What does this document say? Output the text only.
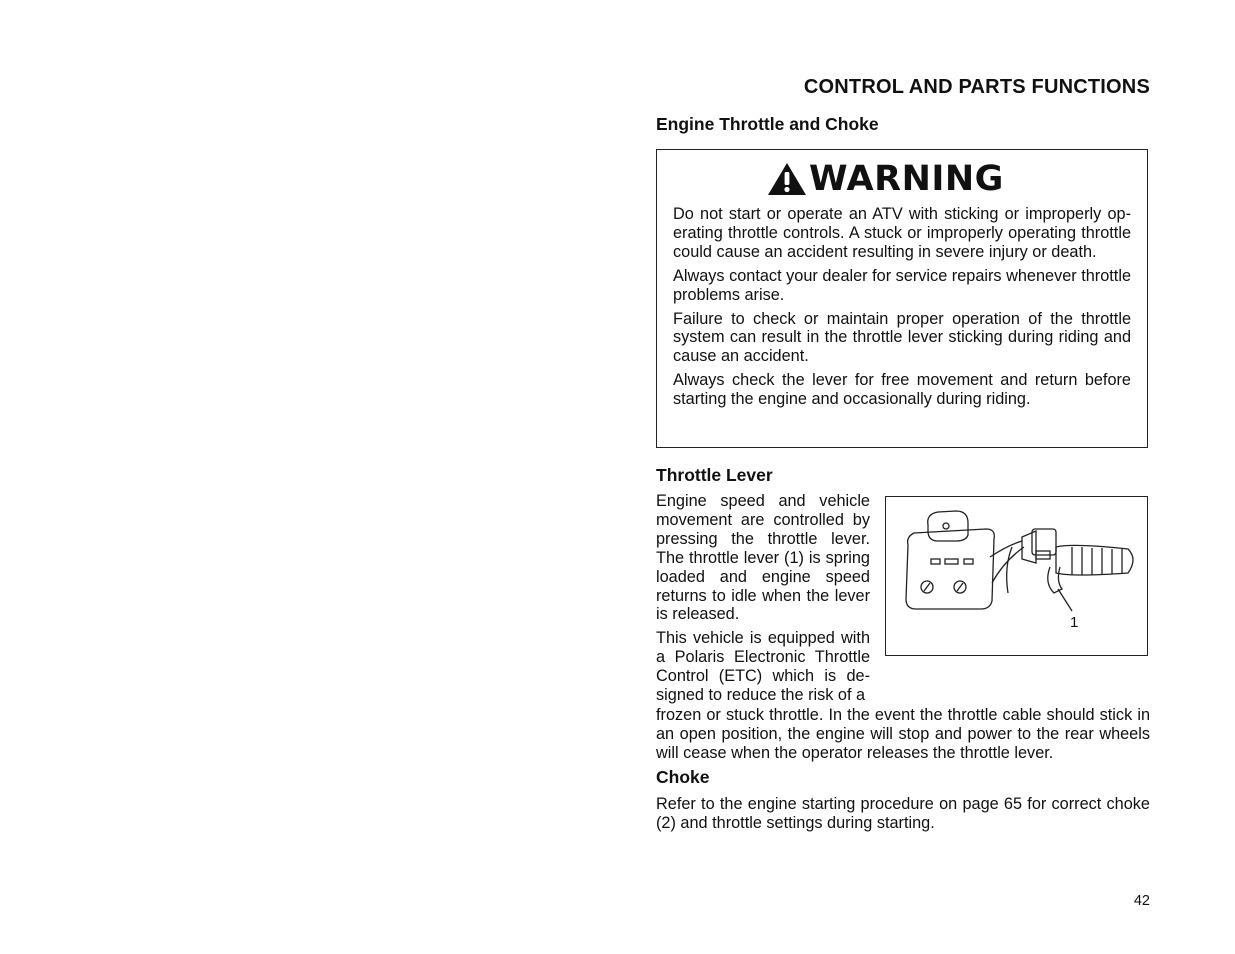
CONTROL AND PARTS FUNCTIONS
Engine Throttle and Choke
WARNING

Do not start or operate an ATV with sticking or improperly op-erating throttle controls. A stuck or improperly operating throttle could cause an accident resulting in severe injury or death.

Always contact your dealer for service repairs whenever throttle problems arise.

Failure to check or maintain proper operation of the throttle system can result in the throttle lever sticking during riding and cause an accident.

Always check the lever for free movement and return before starting the engine and occasionally during riding.

Throttle Lever

Engine speed and vehicle movement are controlled by pressing the throttle lever. The throttle lever (1) is spring loaded and engine speed returns to idle when the lever is released.

This vehicle is equipped with a Polaris Electronic Throttle Control (ETC) which is de-signed to reduce the risk of a

1
frozen or stuck throttle. In the event the throttle cable should stick in an open position, the engine will stop and power to the rear wheels will cease when the operator releases the throttle lever.
Choke
Refer to the engine starting procedure on page 65 for correct choke (2) and throttle settings during starting.
42
